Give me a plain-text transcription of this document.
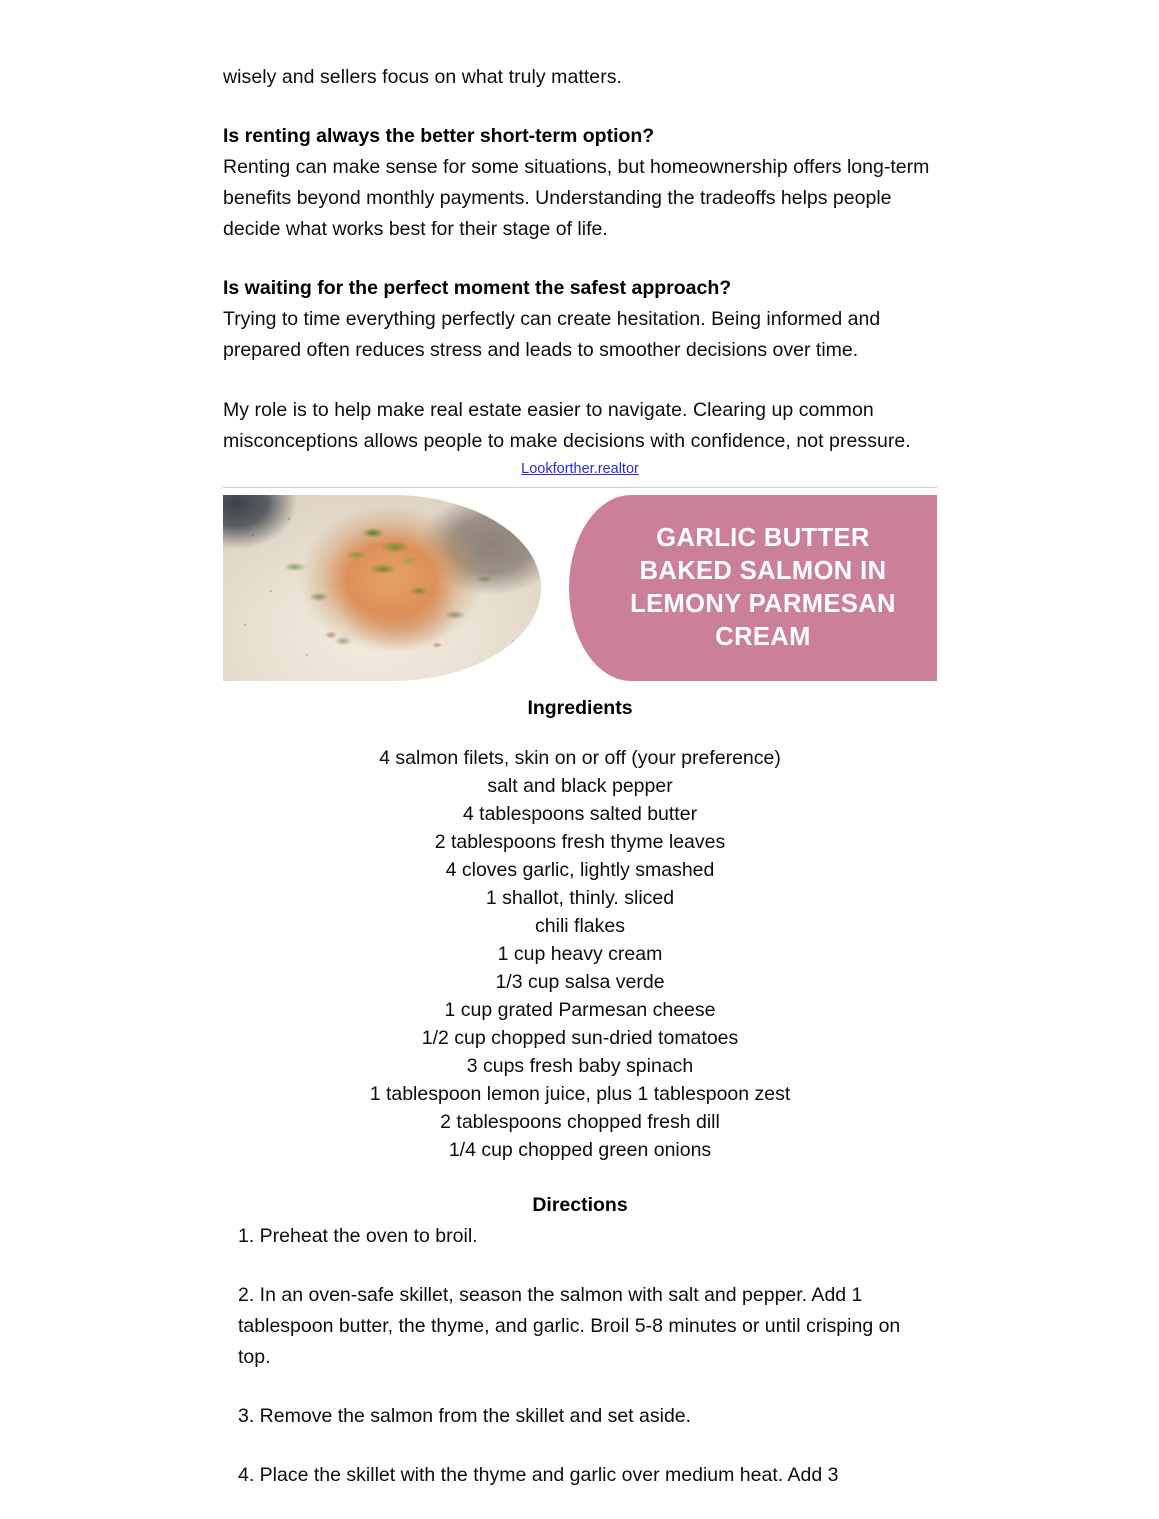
wisely and sellers focus on what truly matters.

Is renting always the better short-term option?

Renting can make sense for some situations, but homeownership offers long-term benefits beyond monthly payments. Understanding the tradeoffs helps people decide what works best for their stage of life.

Is waiting for the perfect moment the safest approach?

Trying to time everything perfectly can create hesitation. Being informed and prepared often reduces stress and leads to smoother decisions over time.

My role is to help make real estate easier to navigate. Clearing up common misconceptions allows people to make decisions with confidence, not pressure.

Lookforther.realtor
GARLIC BUTTER
BAKED SALMON IN
LEMONY PARMESAN
CREAM
Ingredients
4 salmon filets, skin on or off (your preference)
salt and black pepper
4 tablespoons salted butter
2 tablespoons fresh thyme leaves
4 cloves garlic, lightly smashed
1 shallot, thinly. sliced
chili flakes
1 cup heavy cream
1/3 cup salsa verde
1 cup grated Parmesan cheese
1/2 cup chopped sun-dried tomatoes
3 cups fresh baby spinach
1 tablespoon lemon juice, plus 1 tablespoon zest
2 tablespoons chopped fresh dill
1/4 cup chopped green onions
Directions
1. Preheat the oven to broil.
2. In an oven-safe skillet, season the salmon with salt and pepper. Add 1 tablespoon butter, the thyme, and garlic. Broil 5-8 minutes or until crisping on top.
3. Remove the salmon from the skillet and set aside.
4. Place the skillet with the thyme and garlic over medium heat. Add 3
